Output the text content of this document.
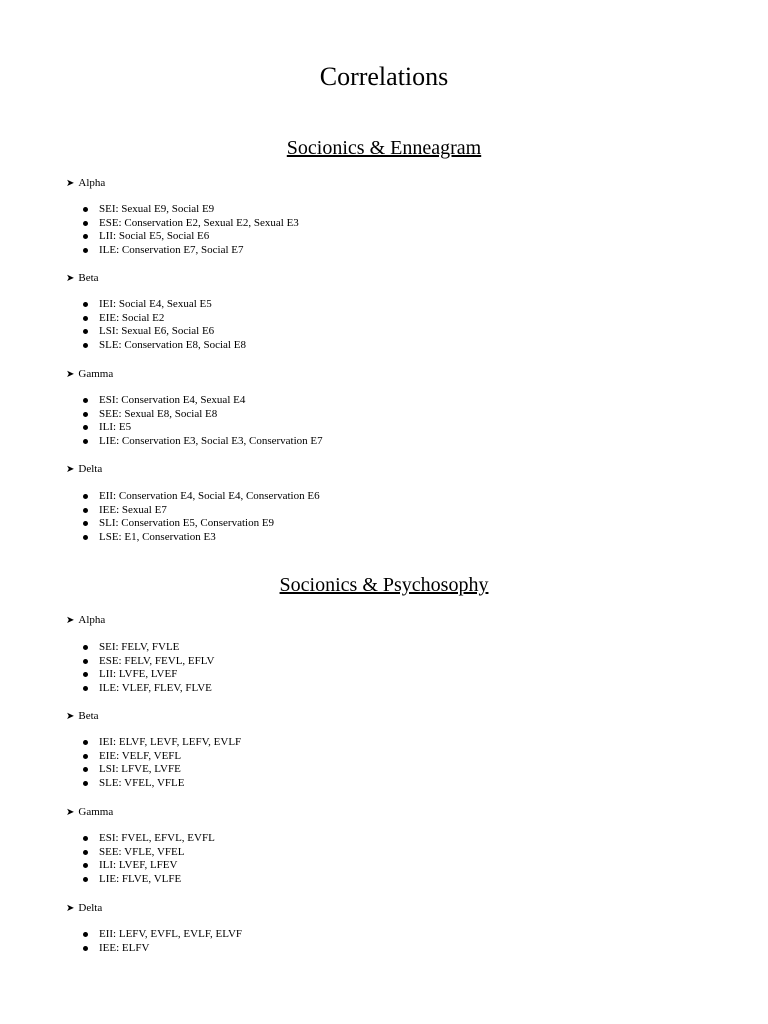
Correlations
Socionics & Enneagram
➤ Alpha
SEI: Sexual E9, Social E9
ESE: Conservation E2, Sexual E2, Sexual E3
LII: Social E5, Social E6
ILE: Conservation E7, Social E7
➤ Beta
IEI: Social E4, Sexual E5
EIE: Social E2
LSI: Sexual E6, Social E6
SLE: Conservation E8, Social E8
➤ Gamma
ESI: Conservation E4, Sexual E4
SEE: Sexual E8, Social E8
ILI: E5
LIE: Conservation E3, Social E3, Conservation E7
➤ Delta
EII: Conservation E4, Social E4, Conservation E6
IEE: Sexual E7
SLI: Conservation E5, Conservation E9
LSE: E1, Conservation E3
Socionics & Psychosophy
➤ Alpha
SEI: FELV, FVLE
ESE: FELV, FEVL, EFLV
LII: LVFE, LVEF
ILE: VLEF, FLEV, FLVE
➤ Beta
IEI: ELVF, LEVF, LEFV, EVLF
EIE: VELF, VEFL
LSI: LFVE, LVFE
SLE: VFEL, VFLE
➤ Gamma
ESI: FVEL, EFVL, EVFL
SEE: VFLE, VFEL
ILI: LVEF, LFEV
LIE: FLVE, VLFE
➤ Delta
EII: LEFV, EVFL, EVLF, ELVF
IEE: ELFV
